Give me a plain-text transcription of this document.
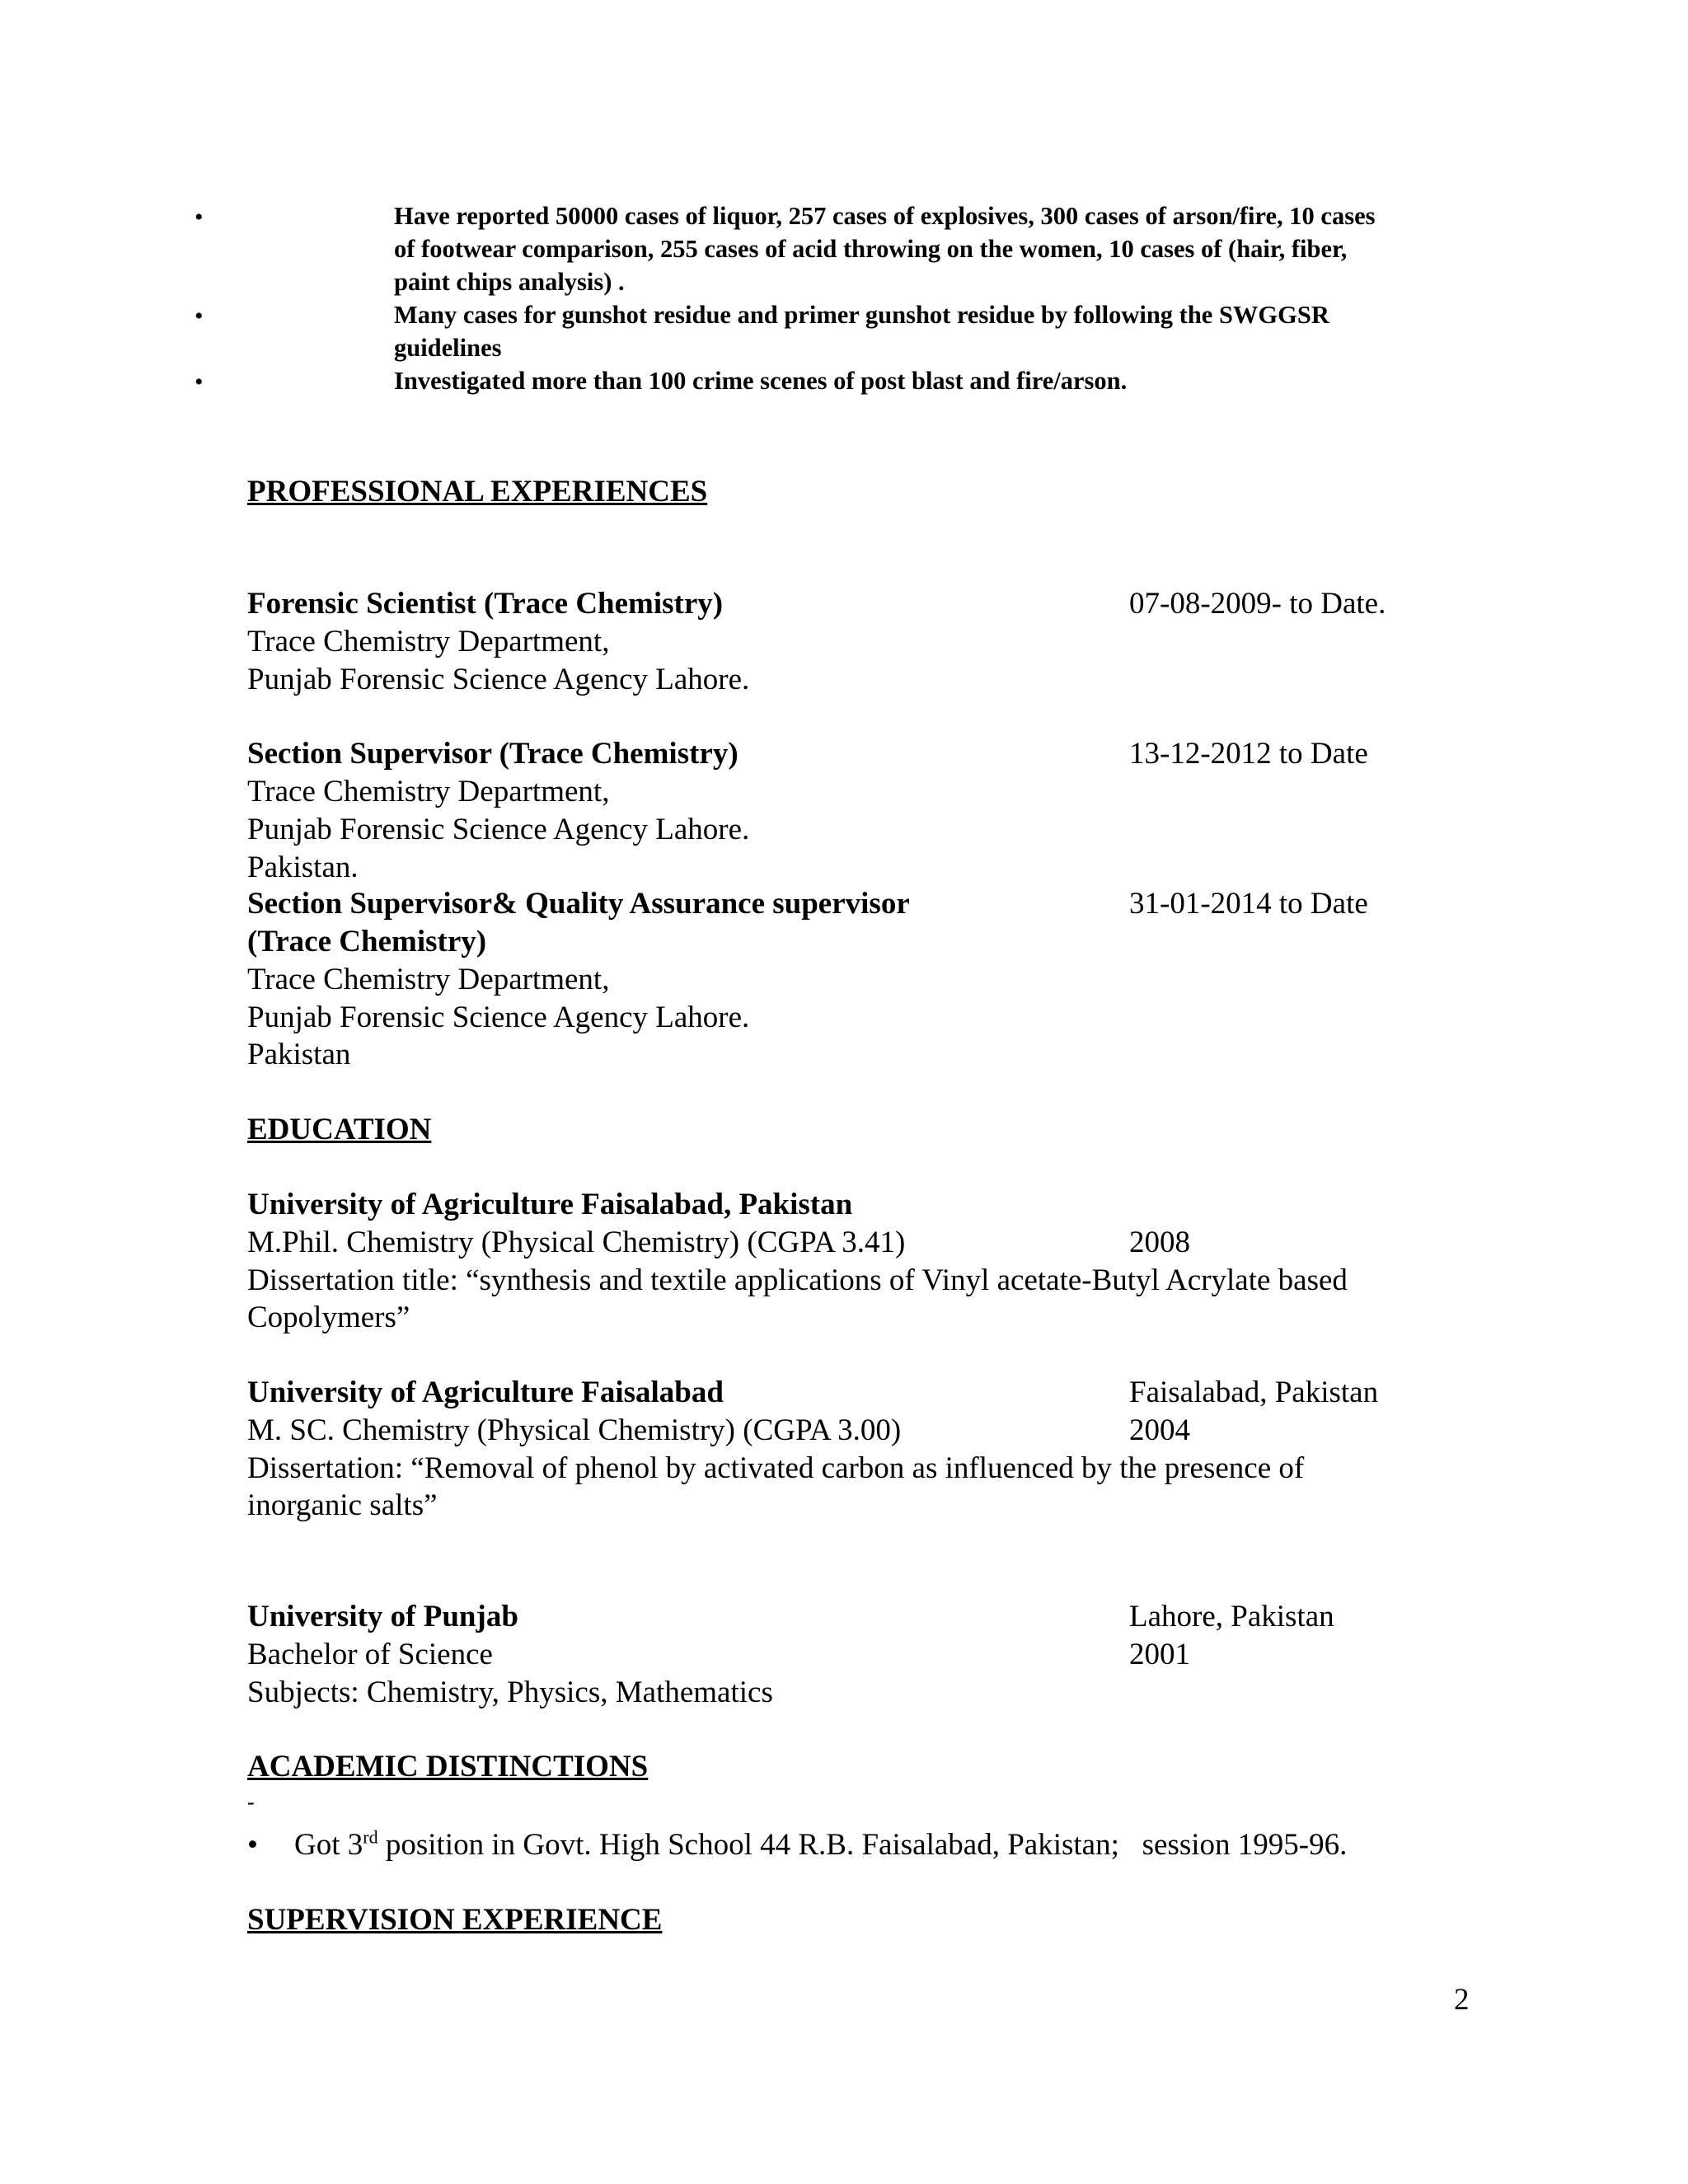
•	Have reported 50000 cases of liquor, 257 cases of explosives, 300 cases of arson/fire, 10 cases
of footwear comparison, 255 cases of acid throwing on the women, 10 cases of (hair, fiber,
paint chips analysis) .
•	Many cases for gunshot residue and primer gunshot residue by following the SWGGSR
guidelines
•	Investigated more than 100 crime scenes of post blast and fire/arson.
PROFESSIONAL EXPERIENCES
Forensic Scientist (Trace Chemistry)	07-08-2009- to Date.
Trace Chemistry Department,
Punjab Forensic Science Agency Lahore.
Section Supervisor (Trace Chemistry)	13-12-2012 to Date
Trace Chemistry Department,
Punjab Forensic Science Agency Lahore.
Pakistan.
Section Supervisor& Quality Assurance supervisor	31-01-2014 to Date
(Trace Chemistry)
Trace Chemistry Department,
Punjab Forensic Science Agency Lahore.
Pakistan
EDUCATION
University of Agriculture Faisalabad, Pakistan
M.Phil. Chemistry (Physical Chemistry) (CGPA 3.41)	2008
Dissertation title: “synthesis and textile applications of Vinyl acetate-Butyl Acrylate based
Copolymers”
University of Agriculture Faisalabad	Faisalabad, Pakistan
M. SC. Chemistry (Physical Chemistry) (CGPA 3.00)	2004
Dissertation: “Removal of phenol by activated carbon as influenced by the presence of
inorganic salts”
University of Punjab	Lahore, Pakistan
Bachelor of Science	2001
Subjects: Chemistry, Physics, Mathematics
ACADEMIC DISTINCTIONS
-
• Got 3rd position in Govt. High School 44 R.B. Faisalabad, Pakistan;   session 1995-96.
SUPERVISION EXPERIENCE
2
